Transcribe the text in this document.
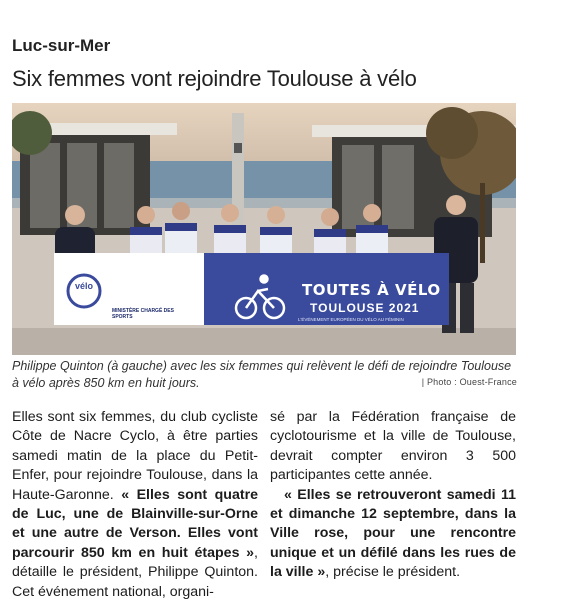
Luc-sur-Mer
Six femmes vont rejoindre Toulouse à vélo
vélo
MINISTÈRE CHARGÉ DES SPORTS
TOUTES À VÉLO
TOULOUSE 2021
L'ÉVÉNEMENT EUROPÉEN DU VÉLO AU FÉMININ
Philippe Quinton (à gauche) avec les six femmes qui relèvent le défi de rejoindre Toulouse à vélo après 850 km en huit jours.	| Photo : Ouest-France

Elles sont six femmes, du club cycliste Côte de Nacre Cyclo, à être parties samedi matin de la place du Petit-Enfer, pour rejoindre Toulouse, dans la Haute-Garonne. « Elles sont quatre de Luc, une de Blainville-sur-Orne et une autre de Verson. Elles vont parcourir 850 km en huit étapes », détaille le président, Philippe Quinton. Cet événement national, organi-

sé par la Fédération française de cyclotourisme et la ville de Toulouse, devrait compter environ 3 500 participantes cette année.

« Elles se retrouveront samedi 11 et dimanche 12 septembre, dans la Ville rose, pour une rencontre unique et un défilé dans les rues de la ville », précise le président.
